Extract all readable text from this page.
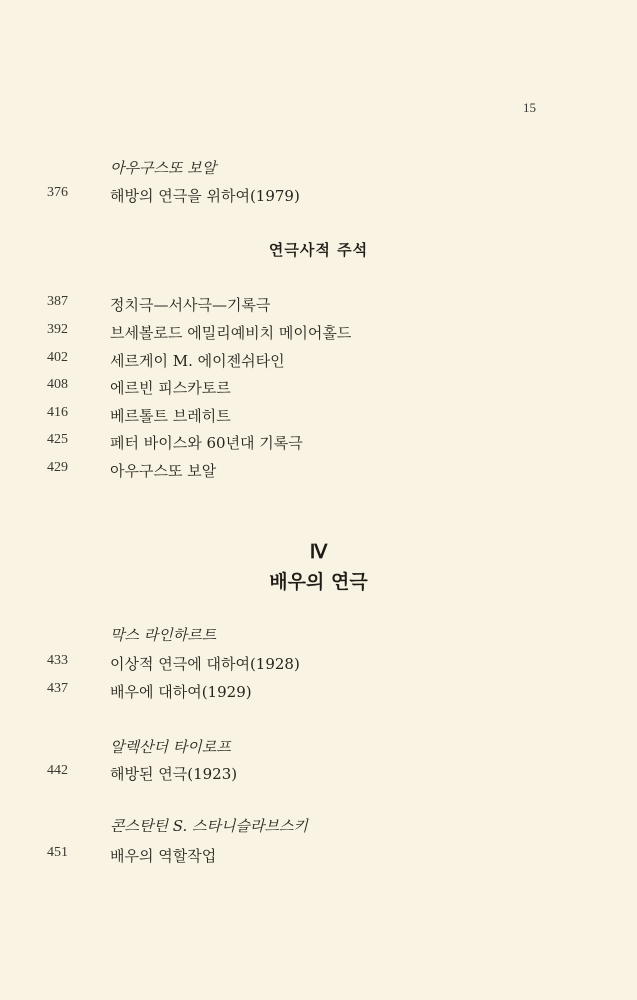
15
아우구스또 보알
376	해방의 연극을 위하여(1979)
연극사적 주석
387	정치극—서사극—기록극
392	브세볼로드 에밀리예비치 메이어홀드
402	세르게이 M. 에이젠쉬타인
408	에르빈 피스카토르
416	베르톨트 브레히트
425	페터 바이스와 60년대 기록극
429	아우구스또 보알
Ⅳ
배우의 연극
막스 라인하르트
433	이상적 연극에 대하여(1928)
437	배우에 대하여(1929)
알렉산더 타이로프
442	해방된 연극(1923)
콘스탄틴 S. 스타니슬라브스키
451	배우의 역할작업
